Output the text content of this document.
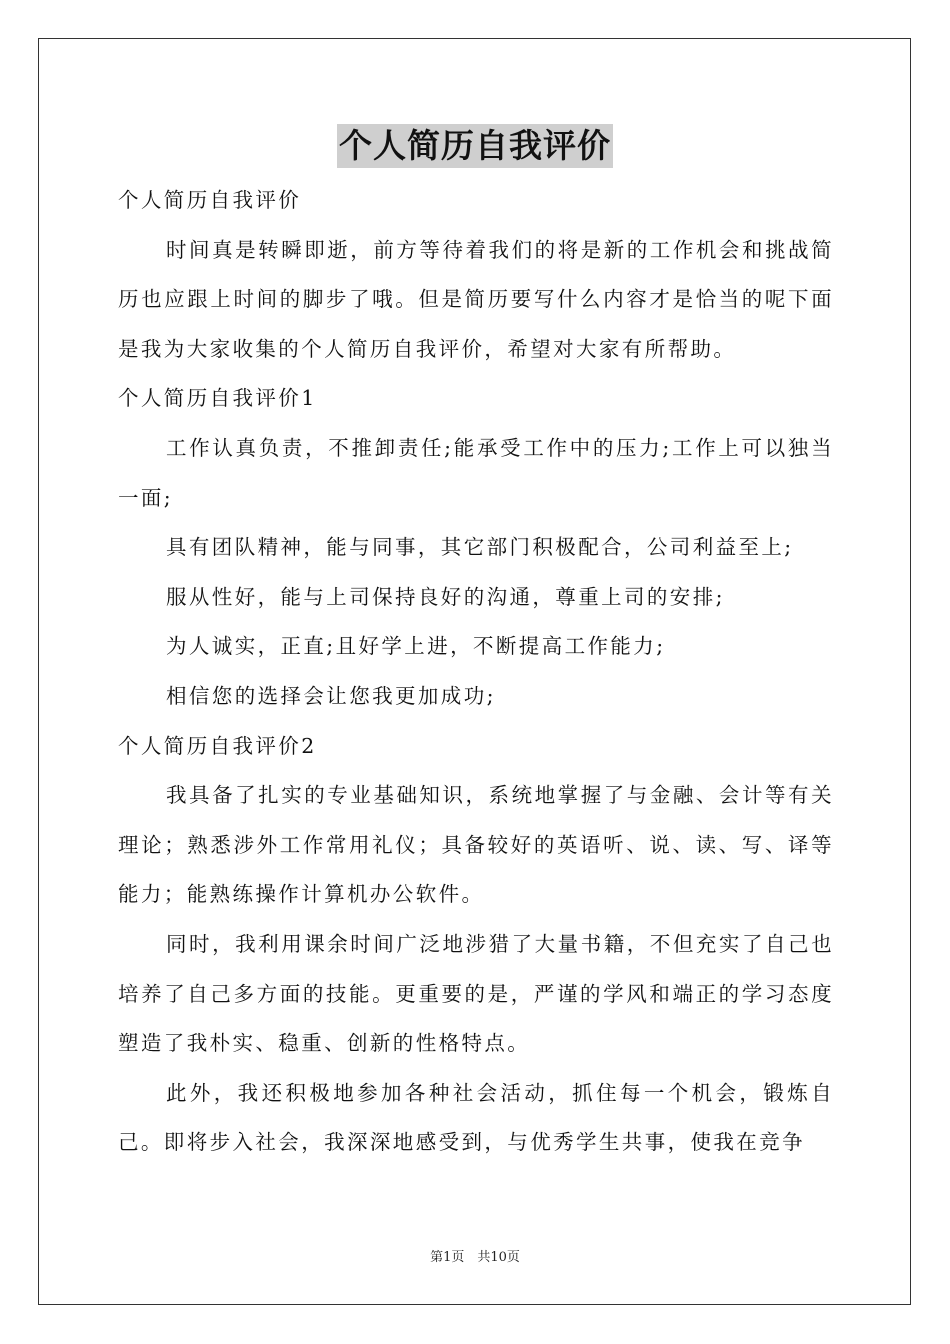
个人简历自我评价

个人简历自我评价

时间真是转瞬即逝，前方等待着我们的将是新的工作机会和挑战简历也应跟上时间的脚步了哦。但是简历要写什么内容才是恰当的呢下面是我为大家收集的个人简历自我评价，希望对大家有所帮助。

个人简历自我评价1

工作认真负责，不推卸责任;能承受工作中的压力;工作上可以独当一面;

具有团队精神，能与同事，其它部门积极配合，公司利益至上;

服从性好，能与上司保持良好的沟通，尊重上司的安排;

为人诚实，正直;且好学上进，不断提高工作能力;

相信您的选择会让您我更加成功;

个人简历自我评价2

我具备了扎实的专业基础知识，系统地掌握了与金融、会计等有关理论；熟悉涉外工作常用礼仪；具备较好的英语听、说、读、写、译等能力；能熟练操作计算机办公软件。

同时，我利用课余时间广泛地涉猎了大量书籍，不但充实了自己也培养了自己多方面的技能。更重要的是，严谨的学风和端正的学习态度塑造了我朴实、稳重、创新的性格特点。

此外，我还积极地参加各种社会活动，抓住每一个机会，锻炼自己。即将步入社会，我深深地感受到，与优秀学生共事，使我在竞争

第1页　共10页
